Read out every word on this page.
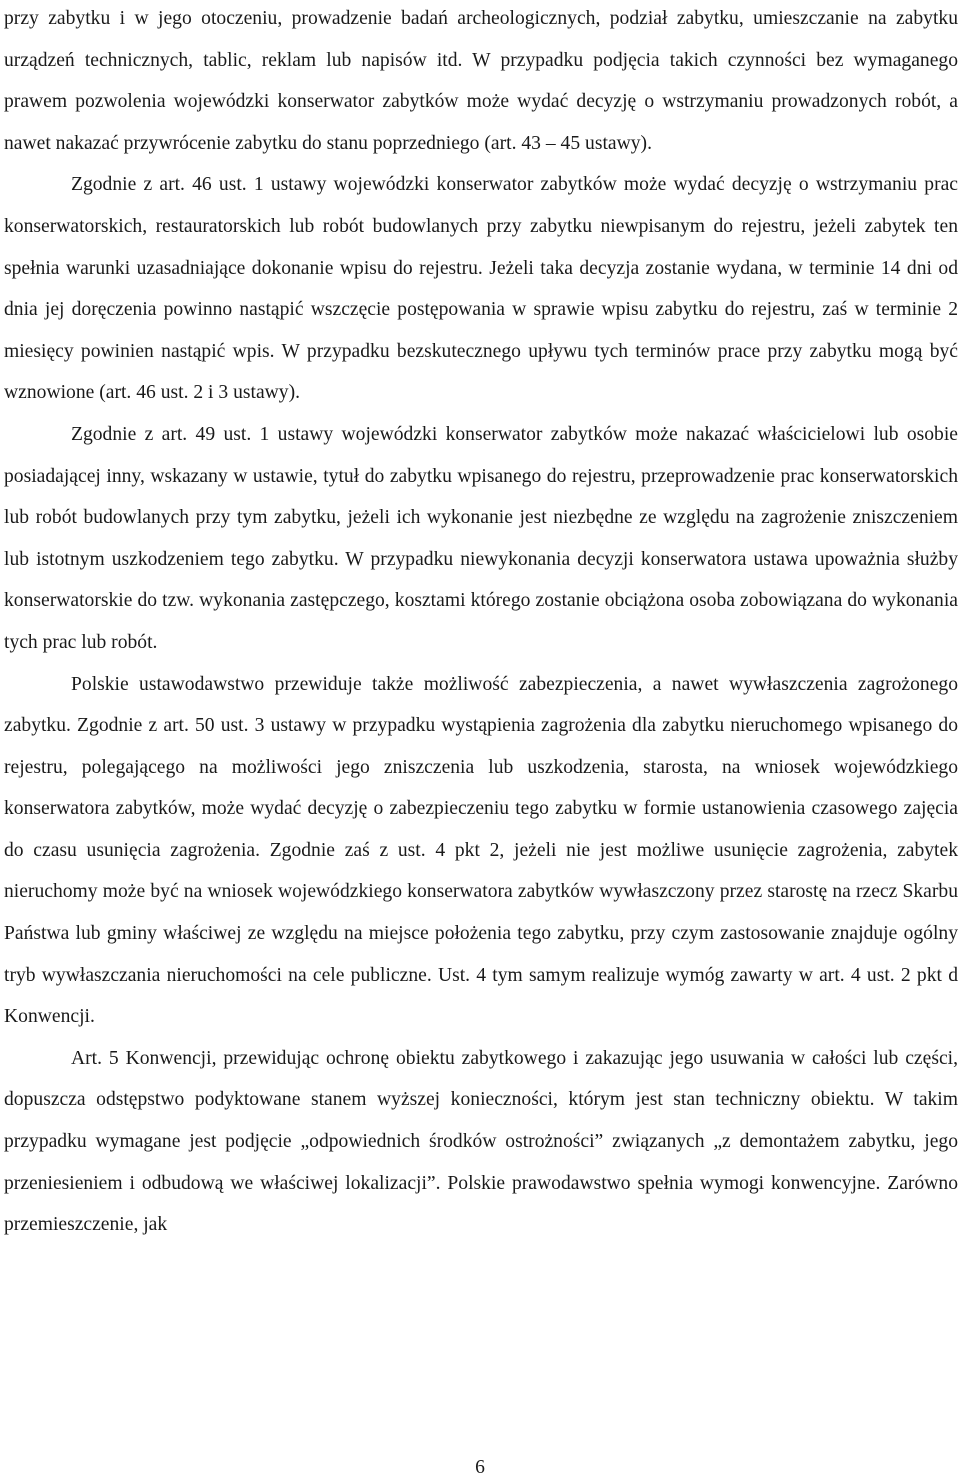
przy zabytku i w jego otoczeniu, prowadzenie badań archeologicznych, podział zabytku, umieszczanie na zabytku urządzeń technicznych, tablic, reklam lub napisów itd. W przypadku podjęcia takich czynności bez wymaganego prawem pozwolenia wojewódzki konserwator zabytków może wydać decyzję o wstrzymaniu prowadzonych robót, a nawet nakazać przywrócenie zabytku do stanu poprzedniego (art. 43 – 45 ustawy).

Zgodnie z art. 46 ust. 1 ustawy wojewódzki konserwator zabytków może wydać decyzję o wstrzymaniu prac konserwatorskich, restauratorskich lub robót budowlanych przy zabytku niewpisanym do rejestru, jeżeli zabytek ten spełnia warunki uzasadniające dokonanie wpisu do rejestru. Jeżeli taka decyzja zostanie wydana, w terminie 14 dni od dnia jej doręczenia powinno nastąpić wszczęcie postępowania w sprawie wpisu zabytku do rejestru, zaś w terminie 2 miesięcy powinien nastąpić wpis. W przypadku bezskutecznego upływu tych terminów prace przy zabytku mogą być wznowione (art. 46 ust. 2 i 3 ustawy).

Zgodnie z art. 49 ust. 1 ustawy wojewódzki konserwator zabytków może nakazać właścicielowi lub osobie posiadającej inny, wskazany w ustawie, tytuł do zabytku wpisanego do rejestru, przeprowadzenie prac konserwatorskich lub robót budowlanych przy tym zabytku, jeżeli ich wykonanie jest niezbędne ze względu na zagrożenie zniszczeniem lub istotnym uszkodzeniem tego zabytku. W przypadku niewykonania decyzji konserwatora ustawa upoważnia służby konserwatorskie do tzw. wykonania zastępczego, kosztami którego zostanie obciążona osoba zobowiązana do wykonania tych prac lub robót.

Polskie ustawodawstwo przewiduje także możliwość zabezpieczenia, a nawet wywłaszczenia zagrożonego zabytku. Zgodnie z art. 50 ust. 3 ustawy w przypadku wystąpienia zagrożenia dla zabytku nieruchomego wpisanego do rejestru, polegającego na możliwości jego zniszczenia lub uszkodzenia, starosta, na wniosek wojewódzkiego konserwatora zabytków, może wydać decyzję o zabezpieczeniu tego zabytku w formie ustanowienia czasowego zajęcia do czasu usunięcia zagrożenia. Zgodnie zaś z ust. 4 pkt 2, jeżeli nie jest możliwe usunięcie zagrożenia, zabytek nieruchomy może być na wniosek wojewódzkiego konserwatora zabytków wywłaszczony przez starostę na rzecz Skarbu Państwa lub gminy właściwej ze względu na miejsce położenia tego zabytku, przy czym zastosowanie znajduje ogólny tryb wywłaszczania nieruchomości na cele publiczne. Ust. 4 tym samym realizuje wymóg zawarty w art. 4 ust. 2 pkt d Konwencji.

Art. 5 Konwencji, przewidując ochronę obiektu zabytkowego i zakazując jego usuwania w całości lub części, dopuszcza odstępstwo podyktowane stanem wyższej konieczności, którym jest stan techniczny obiektu. W takim przypadku wymagane jest podjęcie „odpowiednich środków ostrożności” związanych „z demontażem zabytku, jego przeniesieniem i odbudową we właściwej lokalizacji”. Polskie prawodawstwo spełnia wymogi konwencyjne. Zarówno przemieszczenie, jak

6
